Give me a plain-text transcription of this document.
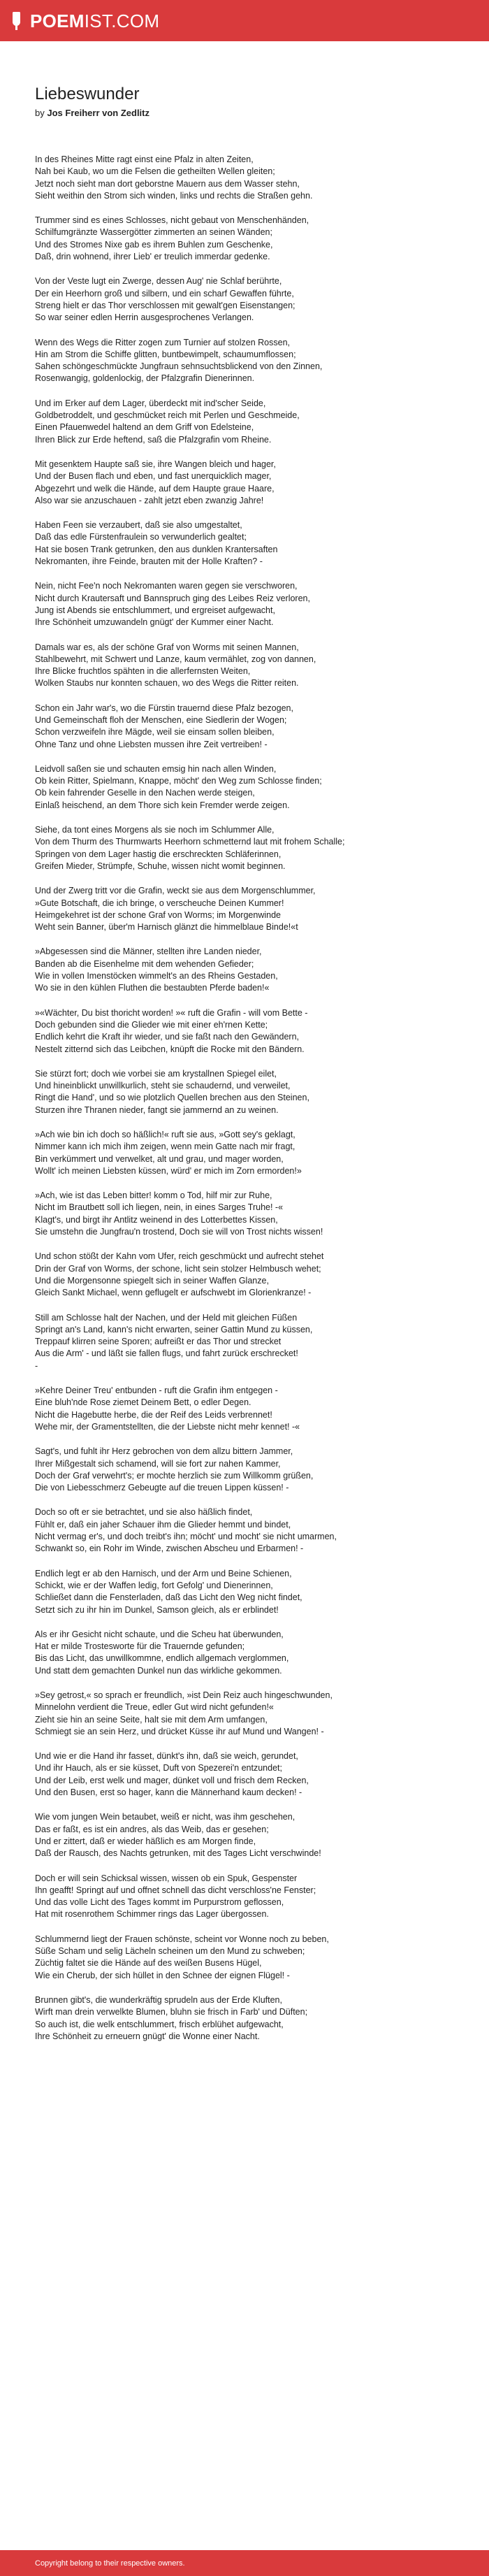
POEMIST.COM
Liebeswunder
by Jos Freiherr von Zedlitz
In des Rheines Mitte ragt einst eine Pfalz in alten Zeiten,
Nah bei Kaub, wo um die Felsen die getheilten Wellen gleiten;
Jetzt noch sieht man dort geborstne Mauern aus dem Wasser stehn,
Sieht weithin den Strom sich winden, links und rechts die Straßen gehn.
Trummer sind es eines Schlosses, nicht gebaut von Menschenhänden,
Schilfumgränzte Wassergötter zimmerten an seinen Wänden;
Und des Stromes Nixe gab es ihrem Buhlen zum Geschenke,
Daß, drin wohnend, ihrer Lieb' er treulich immerdar gedenke.
Von der Veste lugt ein Zwerge, dessen Aug' nie Schlaf berührte,
Der ein Heerhorn groß und silbern, und ein scharf Gewaffen führte,
Streng hielt er das Thor verschlossen mit gewalt'gen Eisenstangen;
So war seiner edlen Herrin ausgesprochenes Verlangen.
Wenn des Wegs die Ritter zogen zum Turnier auf stolzen Rossen,
Hin am Strom die Schiffe glitten, buntbewimpelt, schaumumflossen;
Sahen schöngeschmückte Jungfraun sehnsuchtsblickend von den Zinnen,
Rosenwangig, goldenlockig, der Pfalzgrafin Dienerinnen.
Und im Erker auf dem Lager, überdeckt mit ind'scher Seide,
Goldbetroddelt, und geschmücket reich mit Perlen und Geschmeide,
Einen Pfauenwedel haltend an dem Griff von Edelsteine,
Ihren Blick zur Erde heftend, saß die Pfalzgrafin vom Rheine.
Mit gesenktem Haupte saß sie, ihre Wangen bleich und hager,
Und der Busen flach und eben, und fast unerquicklich mager,
Abgezehrt und welk die Hände, auf dem Haupte graue Haare,
Also war sie anzuschauen - zahlt jetzt eben zwanzig Jahre!
Haben Feen sie verzaubert, daß sie also umgestaltet,
Daß das edle Fürstenfraulein so verwunderlich gealtet;
Hat sie bosen Trank getrunken, den aus dunklen Krantersaften
Nekromanten, ihre Feinde, brauten mit der Holle Kraften? -
Nein, nicht Fee'n noch Nekromanten waren gegen sie verschworen,
Nicht durch Krautersaft und Bannspruch ging des Leibes Reiz verloren,
Jung ist Abends sie entschlummert, und ergreiset aufgewacht,
Ihre Schönheit umzuwandeln gnügt' der Kummer einer Nacht.
Damals war es, als der schöne Graf von Worms mit seinen Mannen,
Stahlbewehrt, mit Schwert und Lanze, kaum vermählet, zog von dannen,
Ihre Blicke fruchtlos spähten in die allerfernsten Weiten,
Wolken Staubs nur konnten schauen, wo des Wegs die Ritter reiten.
Schon ein Jahr war's, wo die Fürstin trauernd diese Pfalz bezogen,
Und Gemeinschaft floh der Menschen, eine Siedlerin der Wogen;
Schon verzweifeln ihre Mägde, weil sie einsam sollen bleiben,
Ohne Tanz und ohne Liebsten mussen ihre Zeit vertreiben! -
Leidvoll saßen sie und schauten emsig hin nach allen Winden,
Ob kein Ritter, Spielmann, Knappe, möcht' den Weg zum Schlosse finden;
Ob kein fahrender Geselle in den Nachen werde steigen,
Einlaß heischend, an dem Thore sich kein Fremder werde zeigen.
Siehe, da tont eines Morgens als sie noch im Schlummer Alle,
Von dem Thurm des Thurmwarts Heerhorn schmetternd laut mit frohem Schalle;
Springen von dem Lager hastig die erschreckten Schläferinnen,
Greifen Mieder, Strümpfe, Schuhe, wissen nicht womit beginnen.
Und der Zwerg tritt vor die Grafin, weckt sie aus dem Morgenschlummer,
»Gute Botschaft, die ich bringe, o verscheuche Deinen Kummer!
Heimgekehret ist der schone Graf von Worms; im Morgenwinde
Weht sein Banner, über'm Harnisch glänzt die himmelblaue Binde!«t
»Abgesessen sind die Männer, stellten ihre Landen nieder,
Banden ab die Eisenhelme mit dem wehenden Gefieder;
Wie in vollen Imenstöcken wimmelt's an des Rheins Gestaden,
Wo sie in den kühlen Fluthen die bestaubten Pferde baden!«
»«Wächter, Du bist thoricht worden! »« ruft die Grafin - will vom Bette -
Doch gebunden sind die Glieder wie mit einer eh'rnen Kette;
Endlich kehrt die Kraft ihr wieder, und sie faßt nach den Gewändern,
Nestelt zitternd sich das Leibchen, knüpft die Rocke mit den Bändern.
Sie stürzt fort; doch wie vorbei sie am krystallnen Spiegel eilet,
Und hineinblickt unwillkurlich, steht sie schaudernd, und verweilet,
Ringt die Hand', und so wie plotzlich Quellen brechen aus den Steinen,
Sturzen ihre Thranen nieder, fangt sie jammernd an zu weinen.
»Ach wie bin ich doch so häßlich!« ruft sie aus, »Gott sey's geklagt,
Nimmer kann ich mich ihm zeigen, wenn mein Gatte nach mir fragt,
Bin verkümmert und verwelket, alt und grau, und mager worden,
Wollt' ich meinen Liebsten küssen, würd' er mich im Zorn ermorden!»
»Ach, wie ist das Leben bitter! komm o Tod, hilf mir zur Ruhe,
Nicht im Brautbett soll ich liegen, nein, in eines Sarges Truhe! -«
Klagt's, und birgt ihr Antlitz weinend in des Lotterbettes Kissen,
Sie umstehn die Jungfrau'n trostend, Doch sie will von Trost nichts wissen!
Und schon stößt der Kahn vom Ufer, reich geschmückt und aufrecht stehet
Drin der Graf von Worms, der schone, licht sein stolzer Helmbusch wehet;
Und die Morgensonne spiegelt sich in seiner Waffen Glanze,
Gleich Sankt Michael, wenn geflugelt er aufschwebt im Glorienkranze! -
Still am Schlosse halt der Nachen, und der Held mit gleichen Füßen
Springt an's Land, kann's nicht erwarten, seiner Gattin Mund zu küssen,
Treppauf klirren seine Sporen; aufreißt er das Thor und strecket
Aus die Arm' - und läßt sie fallen flugs, und fahrt zurück erschrecket!
-
»Kehre Deiner Treu' entbunden - ruft die Grafin ihm entgegen -
Eine bluh'nde Rose ziemet Deinem Bett, o edler Degen.
Nicht die Hagebutte herbe, die der Reif des Leids verbrennet!
Wehe mir, der Gramentstellten, die der Liebste nicht mehr kennet! -«
Sagt's, und fuhlt ihr Herz gebrochen von dem allzu bittern Jammer,
Ihrer Mißgestalt sich schamend, will sie fort zur nahen Kammer,
Doch der Graf verwehrt's; er mochte herzlich sie zum Willkomm grüßen,
Die von Liebesschmerz Gebeugte auf die treuen Lippen küssen! -
Doch so oft er sie betrachtet, und sie also häßlich findet,
Fühlt er, daß ein jaher Schauer ihm die Glieder hemmt und bindet,
Nicht vermag er's, und doch treibt's ihn; möcht' und mocht' sie nicht umarmen,
Schwankt so, ein Rohr im Winde, zwischen Abscheu und Erbarmen! -
Endlich legt er ab den Harnisch, und der Arm und Beine Schienen,
Schickt, wie er der Waffen ledig, fort Gefolg' und Dienerinnen,
Schließet dann die Fensterladen, daß das Licht den Weg nicht findet,
Setzt sich zu ihr hin im Dunkel, Samson gleich, als er erblindet!
Als er ihr Gesicht nicht schaute, und die Scheu hat überwunden,
Hat er milde Trostesworte für die Trauernde gefunden;
Bis das Licht, das unwillkommne, endlich allgemach verglommen,
Und statt dem gemachten Dunkel nun das wirkliche gekommen.
»Sey getrost,« so sprach er freundlich, »ist Dein Reiz auch hingeschwunden,
Minnelohn verdient die Treue, edler Gut wird nicht gefunden!«
Zieht sie hin an seine Seite, halt sie mit dem Arm umfangen,
Schmiegt sie an sein Herz, und drücket Küsse ihr auf Mund und Wangen! -
Und wie er die Hand ihr fasset, dünkt's ihn, daß sie weich, gerundet,
Und ihr Hauch, als er sie küsset, Duft von Spezerei'n entzundet;
Und der Leib, erst welk und mager, dünket voll und frisch dem Recken,
Und den Busen, erst so hager, kann die Männerhand kaum decken! -
Wie vom jungen Wein betaubet, weiß er nicht, was ihm geschehen,
Das er faßt, es ist ein andres, als das Weib, das er gesehen;
Und er zittert, daß er wieder häßlich es am Morgen finde,
Daß der Rausch, des Nachts getrunken, mit des Tages Licht verschwinde!
Doch er will sein Schicksal wissen, wissen ob ein Spuk, Gespenster
Ihn geafft! Springt auf und offnet schnell das dicht verschloss'ne Fenster;
Und das volle Licht des Tages kommt im Purpurstrom geflossen,
Hat mit rosenrothem Schimmer rings das Lager übergossen.
Schlummernd liegt der Frauen schönste, scheint vor Wonne noch zu beben,
Süße Scham und selig Lächeln scheinen um den Mund zu schweben;
Züchtig faltet sie die Hände auf des weißen Busens Hügel,
Wie ein Cherub, der sich hüllet in den Schnee der eignen Flügel! -
Brunnen gibt's, die wunderkräftig sprudeln aus der Erde Kluften,
Wirft man drein verwelkte Blumen, bluhn sie frisch in Farb' und Düften;
So auch ist, die welk entschlummert, frisch erblühet aufgewacht,
Ihre Schönheit zu erneuern gnügt' die Wonne einer Nacht.
Copyright belong to their respective owners.
